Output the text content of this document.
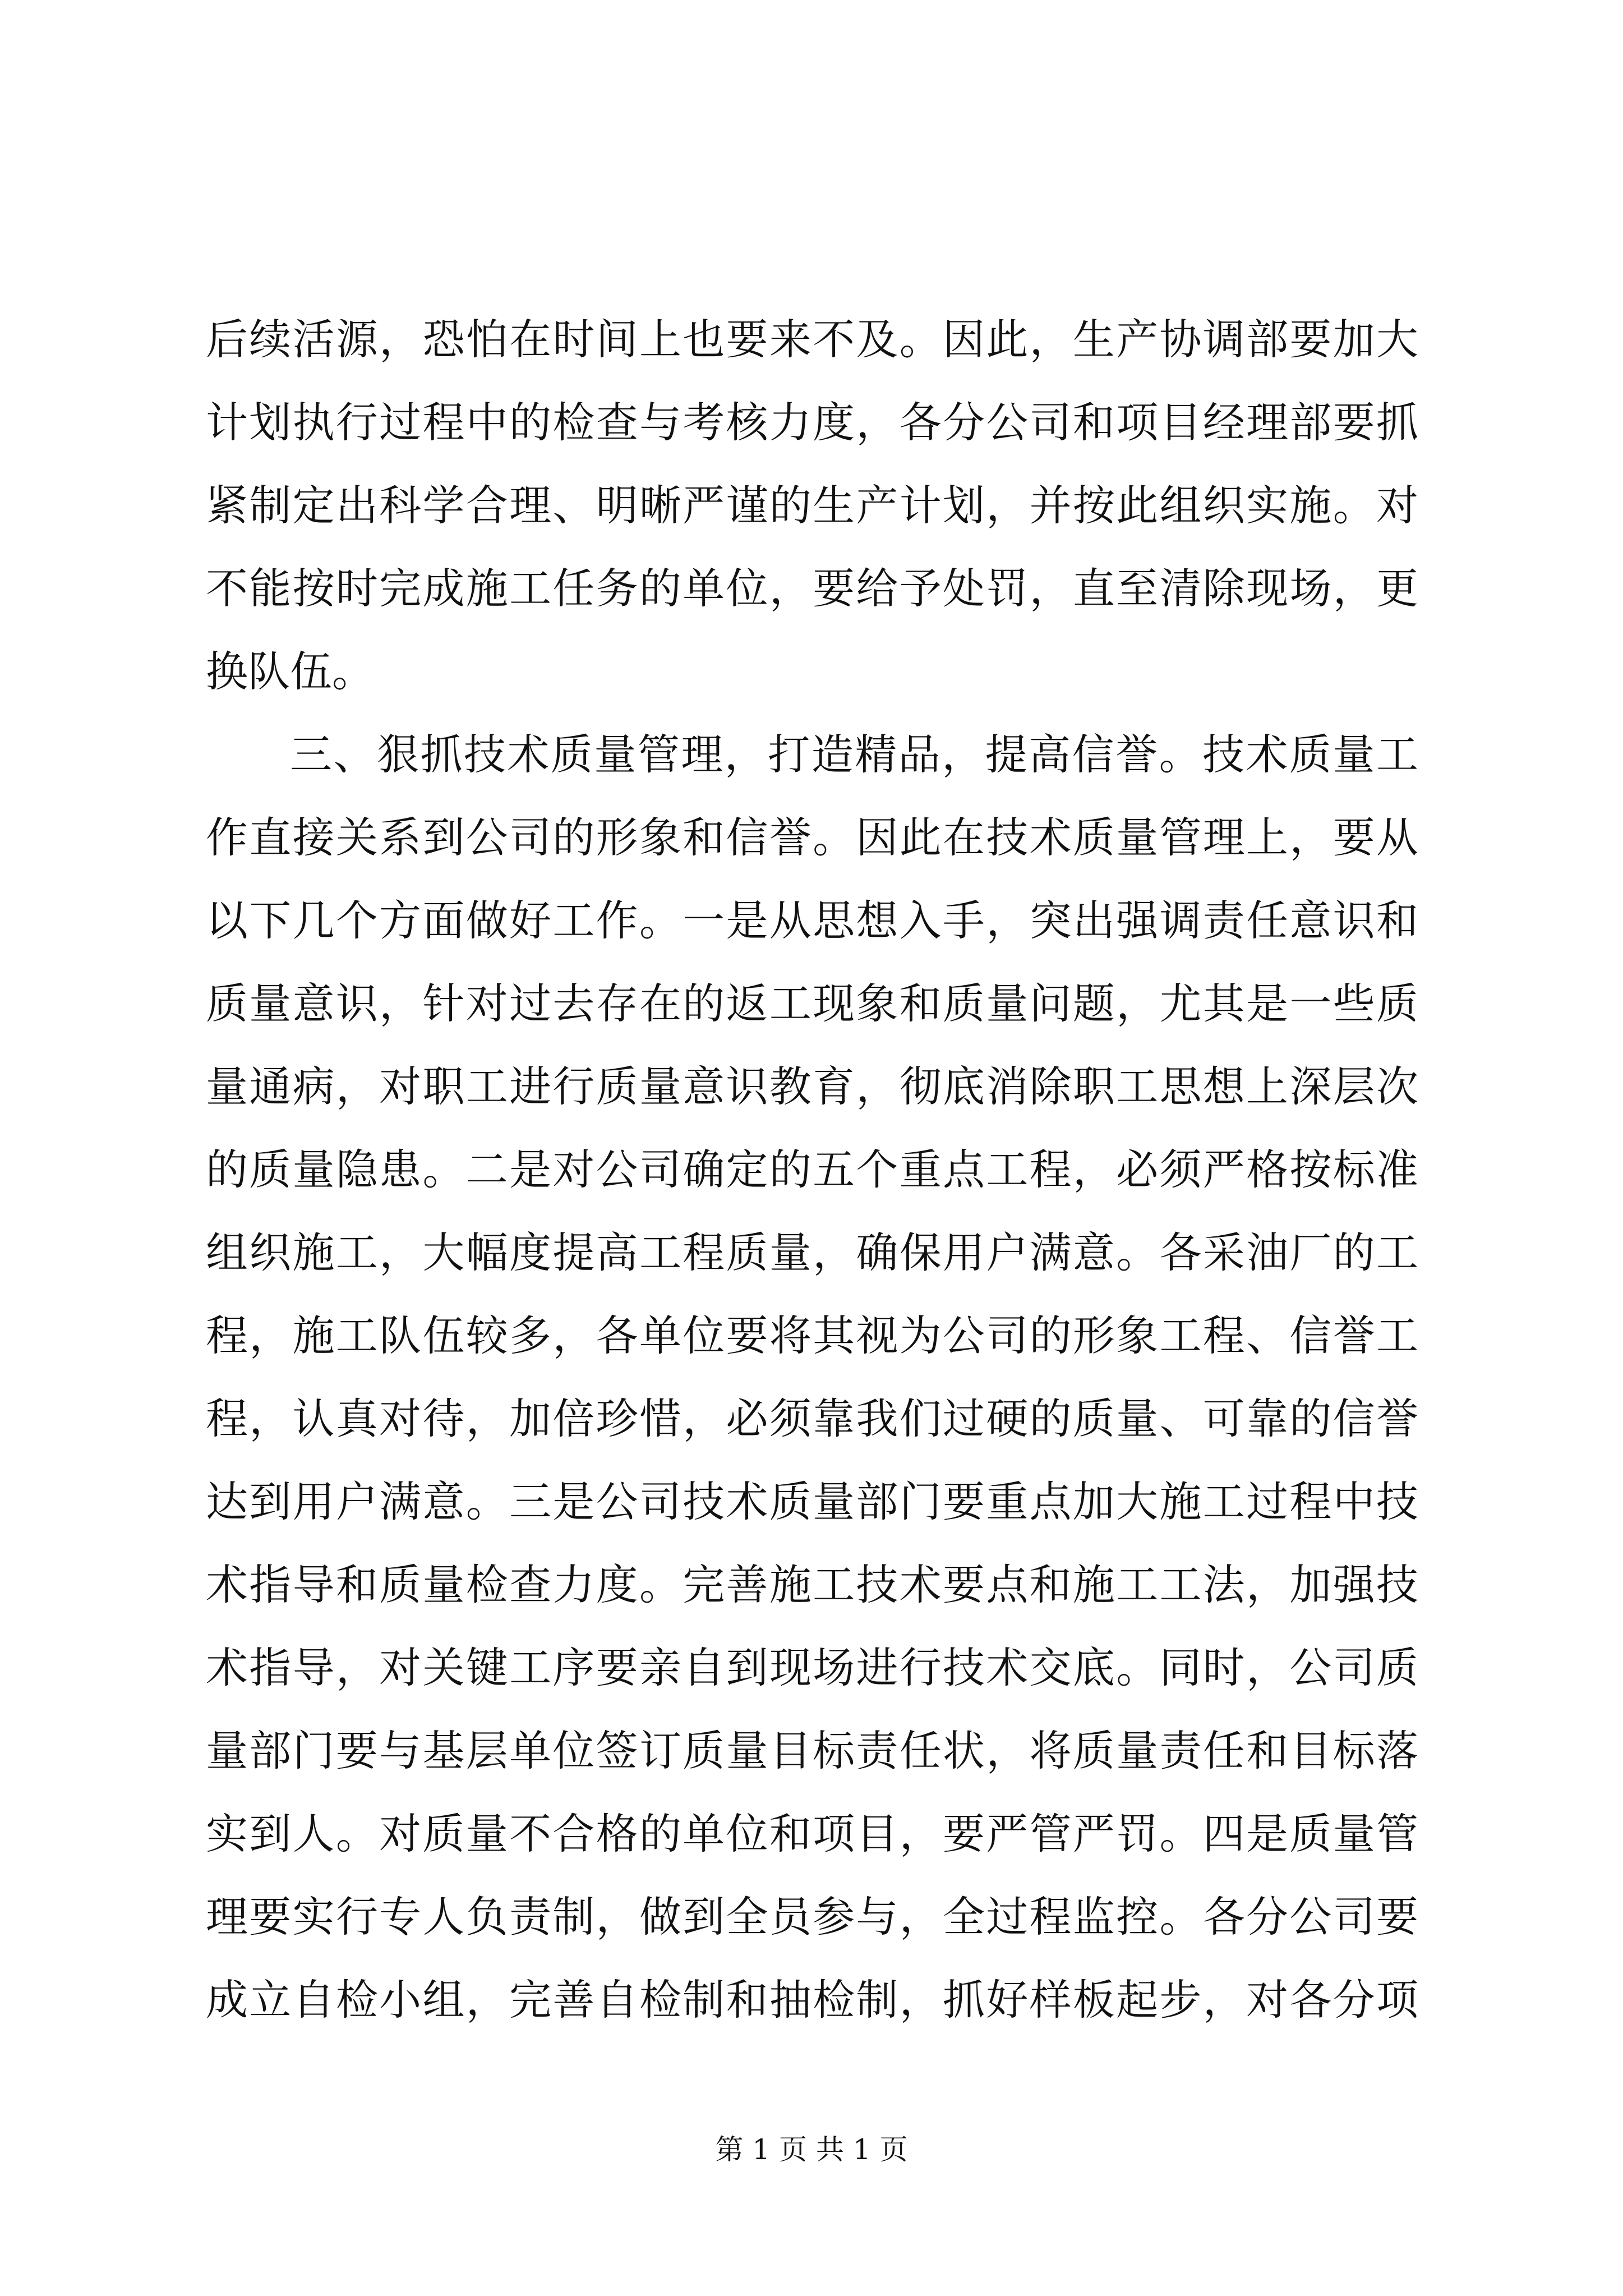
后续活源，恐怕在时间上也要来不及。因此，生产协调部要加大
计划执行过程中的检查与考核力度，各分公司和项目经理部要抓
紧制定出科学合理、明晰严谨的生产计划，并按此组织实施。对
不能按时完成施工任务的单位，要给予处罚，直至清除现场，更
换队伍。
三、狠抓技术质量管理，打造精品，提高信誉。技术质量工
作直接关系到公司的形象和信誉。因此在技术质量管理上，要从
以下几个方面做好工作。一是从思想入手，突出强调责任意识和
质量意识，针对过去存在的返工现象和质量问题，尤其是一些质
量通病，对职工进行质量意识教育，彻底消除职工思想上深层次
的质量隐患。二是对公司确定的五个重点工程，必须严格按标准
组织施工，大幅度提高工程质量，确保用户满意。各采油厂的工
程，施工队伍较多，各单位要将其视为公司的形象工程、信誉工
程，认真对待，加倍珍惜，必须靠我们过硬的质量、可靠的信誉
达到用户满意。三是公司技术质量部门要重点加大施工过程中技
术指导和质量检查力度。完善施工技术要点和施工工法，加强技
术指导，对关键工序要亲自到现场进行技术交底。同时，公司质
量部门要与基层单位签订质量目标责任状，将质量责任和目标落
实到人。对质量不合格的单位和项目，要严管严罚。四是质量管
理要实行专人负责制，做到全员参与，全过程监控。各分公司要
成立自检小组，完善自检制和抽检制，抓好样板起步，对各分项
第 1 页 共 1 页
